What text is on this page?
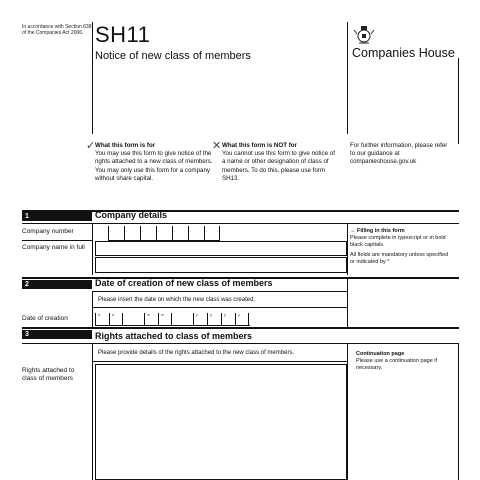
In accordance with Section 638 of the Companies Act 2006. SH11
Notice of new class of members	Companies House
✓ What this form is for
You may use this form to give notice of the rights attached to a new class of members. You may only use this form for a company without share capital.
✕ What this form is NOT for
You cannot use this form to give notice of a name or other designation of class of members. To do this, please use form SH13.
For further information, please refer to our guidance at companieshouse.gov.uk
1	Company details
Company number
Company name in full
→ Filling in this form
Please complete in typescript or in bold black capitals.

All fields are mandatory unless specified or indicated by *
2	Date of creation of new class of members
Please insert the date on which the new class was created.
Date of creation	d	d	m	m	y	y	y	y
3	Rights attached to class of members
Please provide details of the rights attached to the new class of members.
Rights attached to class of members
Continuation page
Please use a continuation page if necessary.
